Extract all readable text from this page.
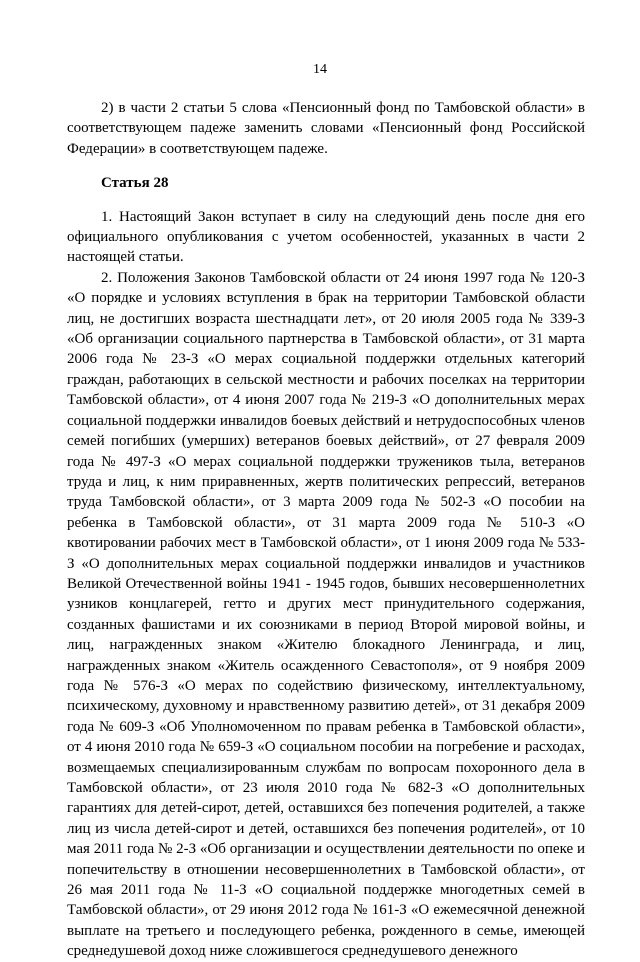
14

2) в части 2 статьи 5 слова «Пенсионный фонд по Тамбовской области» в соответствующем падеже заменить словами «Пенсионный фонд Российской Федерации» в соответствующем падеже.

Статья 28

1. Настоящий Закон вступает в силу на следующий день после дня его официального опубликования с учетом особенностей, указанных в части 2 настоящей статьи.

2. Положения Законов Тамбовской области от 24 июня 1997 года № 120-З «О порядке и условиях вступления в брак на территории Тамбовской области лиц, не достигших возраста шестнадцати лет», от 20 июля 2005 года № 339-З «Об организации социального партнерства в Тамбовской области», от 31 марта 2006 года № 23-З «О мерах социальной поддержки отдельных категорий граждан, работающих в сельской местности и рабочих поселках на территории Тамбовской области», от 4 июня 2007 года № 219-З «О дополнительных мерах социальной поддержки инвалидов боевых действий и нетрудоспособных членов семей погибших (умерших) ветеранов боевых действий», от 27 февраля 2009 года № 497-З «О мерах социальной поддержки тружеников тыла, ветеранов труда и лиц, к ним приравненных, жертв политических репрессий, ветеранов труда Тамбовской области», от 3 марта 2009 года № 502-З «О пособии на ребенка в Тамбовской области», от 31 марта 2009 года № 510-З «О квотировании рабочих мест в Тамбовской области», от 1 июня 2009 года № 533-З «О дополнительных мерах социальной поддержки инвалидов и участников Великой Отечественной войны 1941 - 1945 годов, бывших несовершеннолетних узников концлагерей, гетто и других мест принудительного содержания, созданных фашистами и их союзниками в период Второй мировой войны, и лиц, награжденных знаком «Жителю блокадного Ленинграда, и лиц, награжденных знаком «Житель осажденного Севастополя», от 9 ноября 2009 года № 576-З «О мерах по содействию физическому, интеллектуальному, психическому, духовному и нравственному развитию детей», от 31 декабря 2009 года № 609-З «Об Уполномоченном по правам ребенка в Тамбовской области», от 4 июня 2010 года № 659-З «О социальном пособии на погребение и расходах, возмещаемых специализированным службам по вопросам похоронного дела в Тамбовской области», от 23 июля 2010 года № 682-З «О дополнительных гарантиях для детей-сирот, детей, оставшихся без попечения родителей, а также лиц из числа детей-сирот и детей, оставшихся без попечения родителей», от 10 мая 2011 года № 2-З «Об организации и осуществлении деятельности по опеке и попечительству в отношении несовершеннолетних в Тамбовской области», от 26 мая 2011 года № 11-З «О социальной поддержке многодетных семей в Тамбовской области», от 29 июня 2012 года № 161-З «О ежемесячной денежной выплате на третьего и последующего ребенка, рожденного в семье, имеющей среднедушевой доход ниже сложившегося среднедушевого денежного
